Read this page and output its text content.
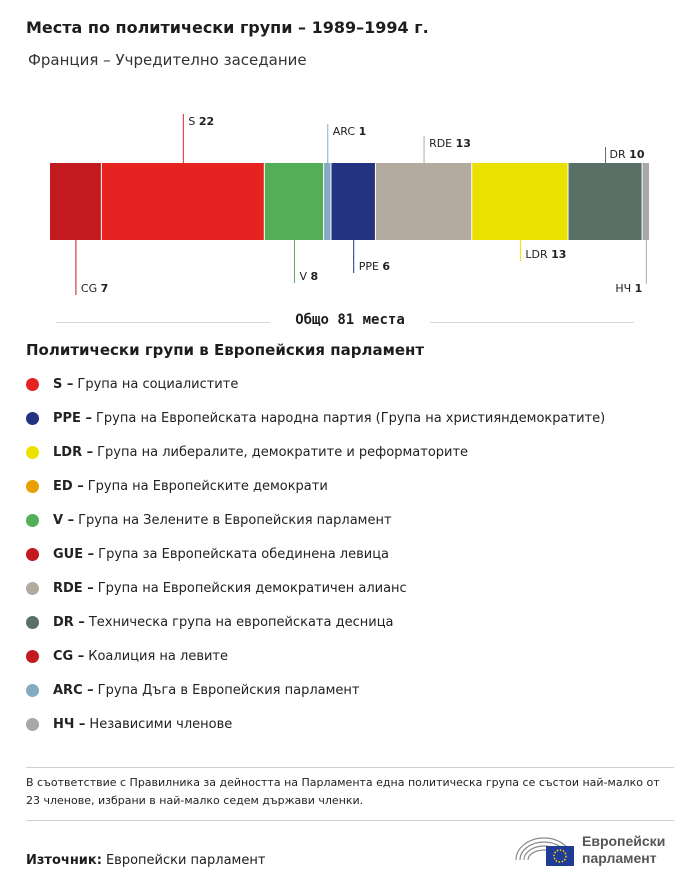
Места по политически групи – 1989–1994 г.
Франция – Учредително заседание
CG 7
S 22
V 8
ARC 1
PPE 6
RDE 13
LDR 13
DR 10
НЧ 1
Общо 81 места
Политически групи в Европейския парламент
S – Група на социалистите
PPE – Група на Европейската народна партия (Група на християндемократите)
LDR – Група на либералите, демократите и реформаторите
ED – Група на Европейските демократи
V – Група на Зелените в Европейския парламент
GUE – Група за Европейската обединена левица
RDE – Група на Европейския демократичен алианс
DR – Техническа група на европейската десница
CG – Коалиция на левите
ARC – Група Дъга в Европейския парламент
НЧ – Независими членове
В съответствие с Правилника за дейността на Парламента една политическа група се състои най-малко от 23 членове, избрани в най-малко седем държави членки.
Източник: Европейски парламент
Европейски
парламент
